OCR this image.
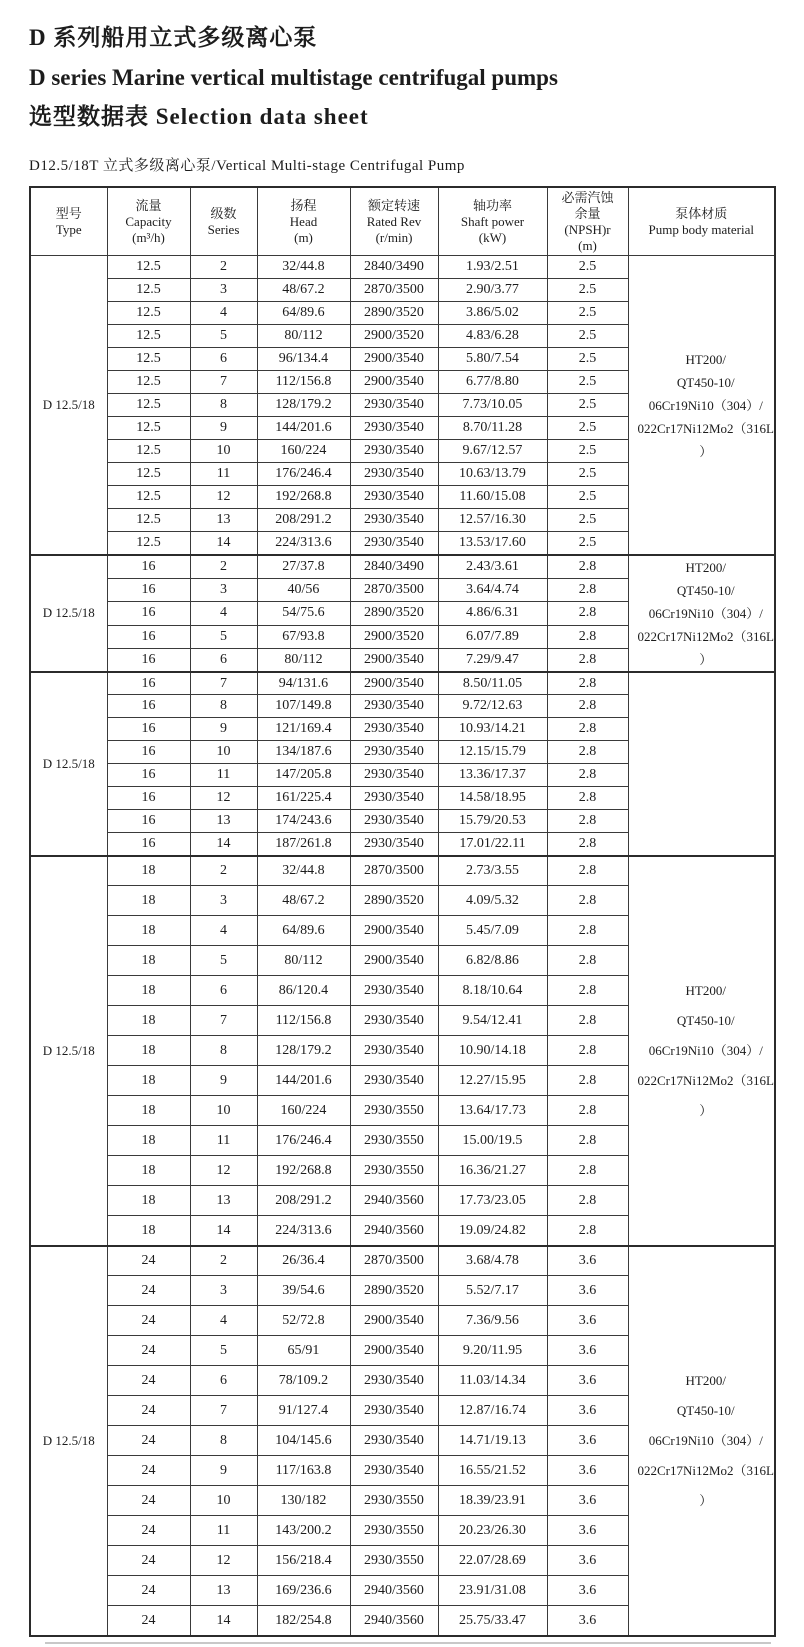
D 系列船用立式多级离心泵

D series Marine vertical multistage centrifugal pumps

选型数据表 Selection data sheet

D12.5/18T 立式多级离心泵/Vertical Multi-stage Centrifugal Pump

型号
Type	流量
Capacity
(m³/h)	级数
Series	扬程
Head
(m)	额定转速
Rated Rev
(r/min)	轴功率
Shaft power
(kW)	必需汽蚀
余量
(NPSH)r
(m)	泵体材质
Pump body material

D 12.5/18	12.5	2	32/44.8	2840/3490	1.93/2.51	2.5	HT200/
QT450-10/
06Cr19Ni10（304）/
022Cr17Ni12Mo2（316L
）

	12.5	3	48/67.2	2870/3500	2.90/3.77	2.5	
	12.5	4	64/89.6	2890/3520	3.86/5.02	2.5	
	12.5	5	80/112	2900/3520	4.83/6.28	2.5	
	12.5	6	96/134.4	2900/3540	5.80/7.54	2.5	
	12.5	7	112/156.8	2900/3540	6.77/8.80	2.5	
	12.5	8	128/179.2	2930/3540	7.73/10.05	2.5	
	12.5	9	144/201.6	2930/3540	8.70/11.28	2.5	
	12.5	10	160/224	2930/3540	9.67/12.57	2.5	
	12.5	11	176/246.4	2930/3540	10.63/13.79	2.5	
	12.5	12	192/268.8	2930/3540	11.60/15.08	2.5	
	12.5	13	208/291.2	2930/3540	12.57/16.30	2.5	
	12.5	14	224/313.6	2930/3540	13.53/17.60	2.5	
D 12.5/18	16	2	27/37.8	2840/3490	2.43/3.61	2.8	HT200/
QT450-10/
06Cr19Ni10（304）/
022Cr17Ni12Mo2（316L
）

	16	3	40/56	2870/3500	3.64/4.74	2.8	
	16	4	54/75.6	2890/3520	4.86/6.31	2.8	
	16	5	67/93.8	2900/3520	6.07/7.89	2.8	
	16	6	80/112	2900/3540	7.29/9.47	2.8	
D 12.5/18	16	7	94/131.6	2900/3540	8.50/11.05	2.8	
	16	8	107/149.8	2930/3540	9.72/12.63	2.8	
	16	9	121/169.4	2930/3540	10.93/14.21	2.8	
	16	10	134/187.6	2930/3540	12.15/15.79	2.8	
	16	11	147/205.8	2930/3540	13.36/17.37	2.8	
	16	12	161/225.4	2930/3540	14.58/18.95	2.8	
	16	13	174/243.6	2930/3540	15.79/20.53	2.8	
	16	14	187/261.8	2930/3540	17.01/22.11	2.8	
D 12.5/18	18	2	32/44.8	2870/3500	2.73/3.55	2.8	HT200/
QT450-10/
06Cr19Ni10（304）/
022Cr17Ni12Mo2（316L
）

	18	3	48/67.2	2890/3520	4.09/5.32	2.8	
	18	4	64/89.6	2900/3540	5.45/7.09	2.8	
	18	5	80/112	2900/3540	6.82/8.86	2.8	
	18	6	86/120.4	2930/3540	8.18/10.64	2.8	
	18	7	112/156.8	2930/3540	9.54/12.41	2.8	
	18	8	128/179.2	2930/3540	10.90/14.18	2.8	
	18	9	144/201.6	2930/3540	12.27/15.95	2.8	
	18	10	160/224	2930/3550	13.64/17.73	2.8	
	18	11	176/246.4	2930/3550	15.00/19.5	2.8	
	18	12	192/268.8	2930/3550	16.36/21.27	2.8	
	18	13	208/291.2	2940/3560	17.73/23.05	2.8	
	18	14	224/313.6	2940/3560	19.09/24.82	2.8	
D 12.5/18	24	2	26/36.4	2870/3500	3.68/4.78	3.6	HT200/
QT450-10/
06Cr19Ni10（304）/
022Cr17Ni12Mo2（316L
）

	24	3	39/54.6	2890/3520	5.52/7.17	3.6	
	24	4	52/72.8	2900/3540	7.36/9.56	3.6	
	24	5	65/91	2900/3540	9.20/11.95	3.6	
	24	6	78/109.2	2930/3540	11.03/14.34	3.6	
	24	7	91/127.4	2930/3540	12.87/16.74	3.6	
	24	8	104/145.6	2930/3540	14.71/19.13	3.6	
	24	9	117/163.8	2930/3540	16.55/21.52	3.6	
	24	10	130/182	2930/3550	18.39/23.91	3.6	
	24	11	143/200.2	2930/3550	20.23/26.30	3.6	
	24	12	156/218.4	2930/3550	22.07/28.69	3.6	
	24	13	169/236.6	2940/3560	23.91/31.08	3.6	
	24	14	182/254.8	2940/3560	25.75/33.47	3.6	
